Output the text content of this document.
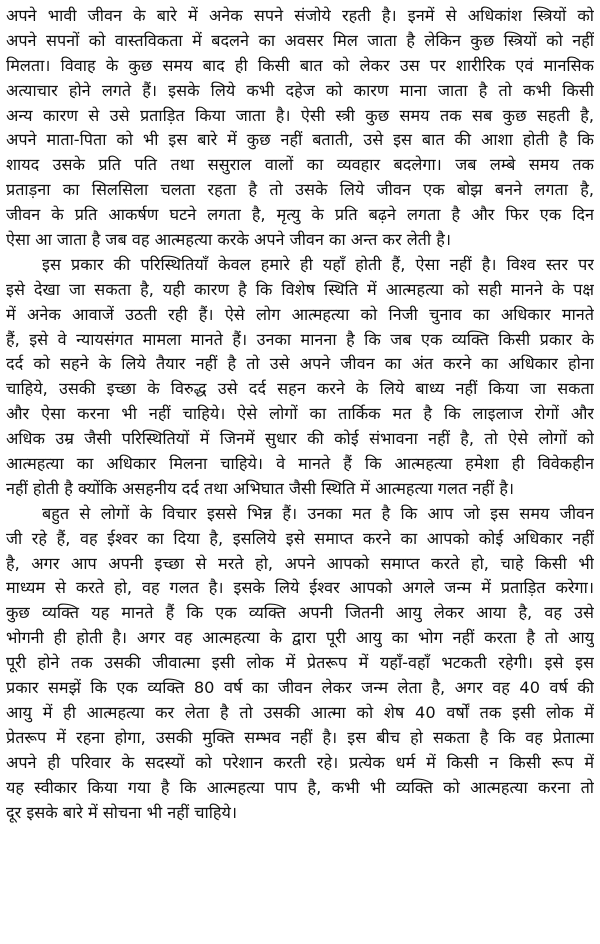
अपने भावी जीवन के बारे में अनेक सपने संजोये रहती है। इनमें से अधिकांश स्त्रियों को
अपने सपनों को वास्तविकता में बदलने का अवसर मिल जाता है लेकिन कुछ स्त्रियों को नहीं
मिलता। विवाह के कुछ समय बाद ही किसी बात को लेकर उस पर शारीरिक एवं मानसिक
अत्याचार होने लगते हैं। इसके लिये कभी दहेज को कारण माना जाता है तो कभी किसी
अन्य कारण से उसे प्रताड़ित किया जाता है। ऐसी स्त्री कुछ समय तक सब कुछ सहती है,
अपने माता-पिता को भी इस बारे में कुछ नहीं बताती, उसे इस बात की आशा होती है कि
शायद उसके प्रति पति तथा ससुराल वालों का व्यवहार बदलेगा। जब लम्बे समय तक
प्रताड़ना का सिलसिला चलता रहता है तो उसके लिये जीवन एक बोझ बनने लगता है,
जीवन के प्रति आकर्षण घटने लगता है, मृत्यु के प्रति बढ़ने लगता है और फिर एक दिन
ऐसा आ जाता है जब वह आत्महत्या करके अपने जीवन का अन्त कर लेती है।
इस प्रकार की परिस्थितियाँ केवल हमारे ही यहाँ होती हैं, ऐसा नहीं है। विश्व स्तर पर
इसे देखा जा सकता है, यही कारण है कि विशेष स्थिति में आत्महत्या को सही मानने के पक्ष
में अनेक आवाजें उठती रही हैं। ऐसे लोग आत्महत्या को निजी चुनाव का अधिकार मानते
हैं, इसे वे न्यायसंगत मामला मानते हैं। उनका मानना है कि जब एक व्यक्ति किसी प्रकार के
दर्द को सहने के लिये तैयार नहीं है तो उसे अपने जीवन का अंत करने का अधिकार होना
चाहिये, उसकी इच्छा के विरुद्ध उसे दर्द सहन करने के लिये बाध्य नहीं किया जा सकता
और ऐसा करना भी नहीं चाहिये। ऐसे लोगों का तार्किक मत है कि लाइलाज रोगों और
अधिक उम्र जैसी परिस्थितियों में जिनमें सुधार की कोई संभावना नहीं है, तो ऐसे लोगों को
आत्महत्या का अधिकार मिलना चाहिये। वे मानते हैं कि आत्महत्या हमेशा ही विवेकहीन
नहीं होती है क्योंकि असहनीय दर्द तथा अभिघात जैसी स्थिति में आत्महत्या गलत नहीं है।
बहुत से लोगों के विचार इससे भिन्न हैं। उनका मत है कि आप जो इस समय जीवन
जी रहे हैं, वह ईश्वर का दिया है, इसलिये इसे समाप्त करने का आपको कोई अधिकार नहीं
है, अगर आप अपनी इच्छा से मरते हो, अपने आपको समाप्त करते हो, चाहे किसी भी
माध्यम से करते हो, वह गलत है। इसके लिये ईश्वर आपको अगले जन्म में प्रताड़ित करेगा।
कुछ व्यक्ति यह मानते हैं कि एक व्यक्ति अपनी जितनी आयु लेकर आया है, वह उसे
भोगनी ही होती है। अगर वह आत्महत्या के द्वारा पूरी आयु का भोग नहीं करता है तो आयु
पूरी होने तक उसकी जीवात्मा इसी लोक में प्रेतरूप में यहाँ-वहाँ भटकती रहेगी। इसे इस
प्रकार समझें कि एक व्यक्ति 80 वर्ष का जीवन लेकर जन्म लेता है, अगर वह 40 वर्ष की
आयु में ही आत्महत्या कर लेता है तो उसकी आत्मा को शेष 40 वर्षों तक इसी लोक में
प्रेतरूप में रहना होगा, उसकी मुक्ति सम्भव नहीं है। इस बीच हो सकता है कि वह प्रेतात्मा
अपने ही परिवार के सदस्यों को परेशान करती रहे। प्रत्येक धर्म में किसी न किसी रूप में
यह स्वीकार किया गया है कि आत्महत्या पाप है, कभी भी व्यक्ति को आत्महत्या करना तो
दूर इसके बारे में सोचना भी नहीं चाहिये।
